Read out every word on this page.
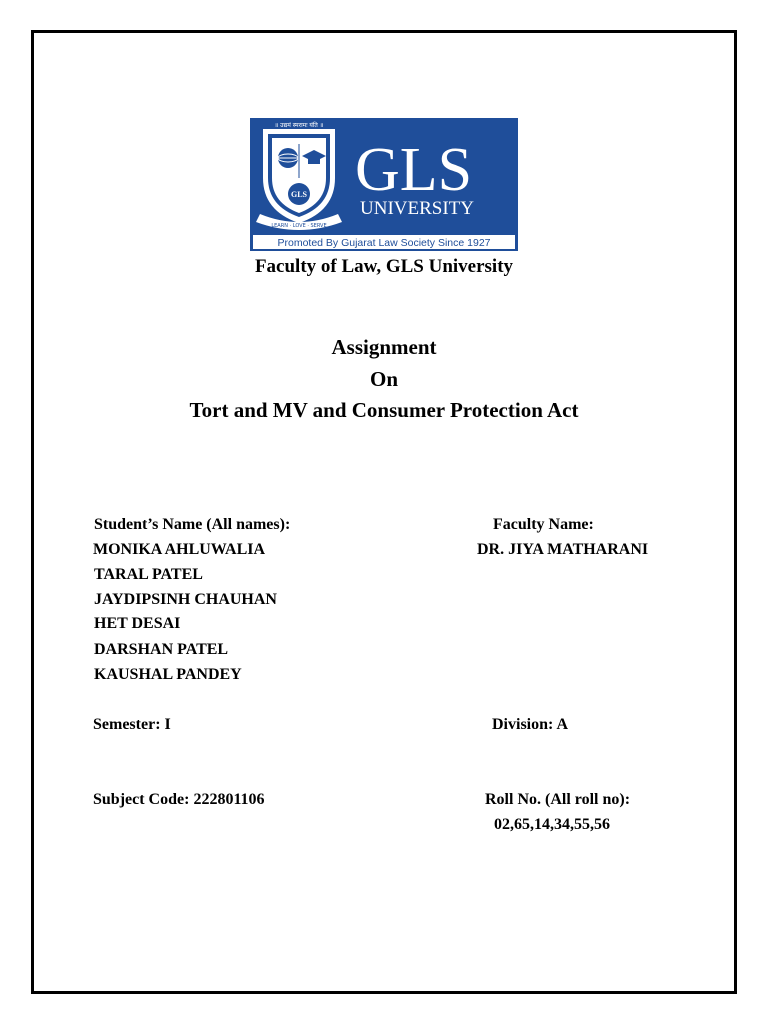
॥ उद्यमं स्मरामः यंति ॥
GLS
LEARN · LOVE · SERVE
GLS
UNIVERSITY
Promoted By Gujarat Law Society Since 1927
Faculty of Law, GLS University
Assignment
On
Tort and MV and Consumer Protection Act
Student’s Name (All names):	Faculty Name:
MONIKA AHLUWALIA	DR. JIYA MATHARANI
TARAL PATEL
JAYDIPSINH CHAUHAN
HET DESAI
DARSHAN PATEL
KAUSHAL PANDEY
Semester: I	Division: A
Subject Code: 222801106	Roll No. (All roll no):
02,65,14,34,55,56
